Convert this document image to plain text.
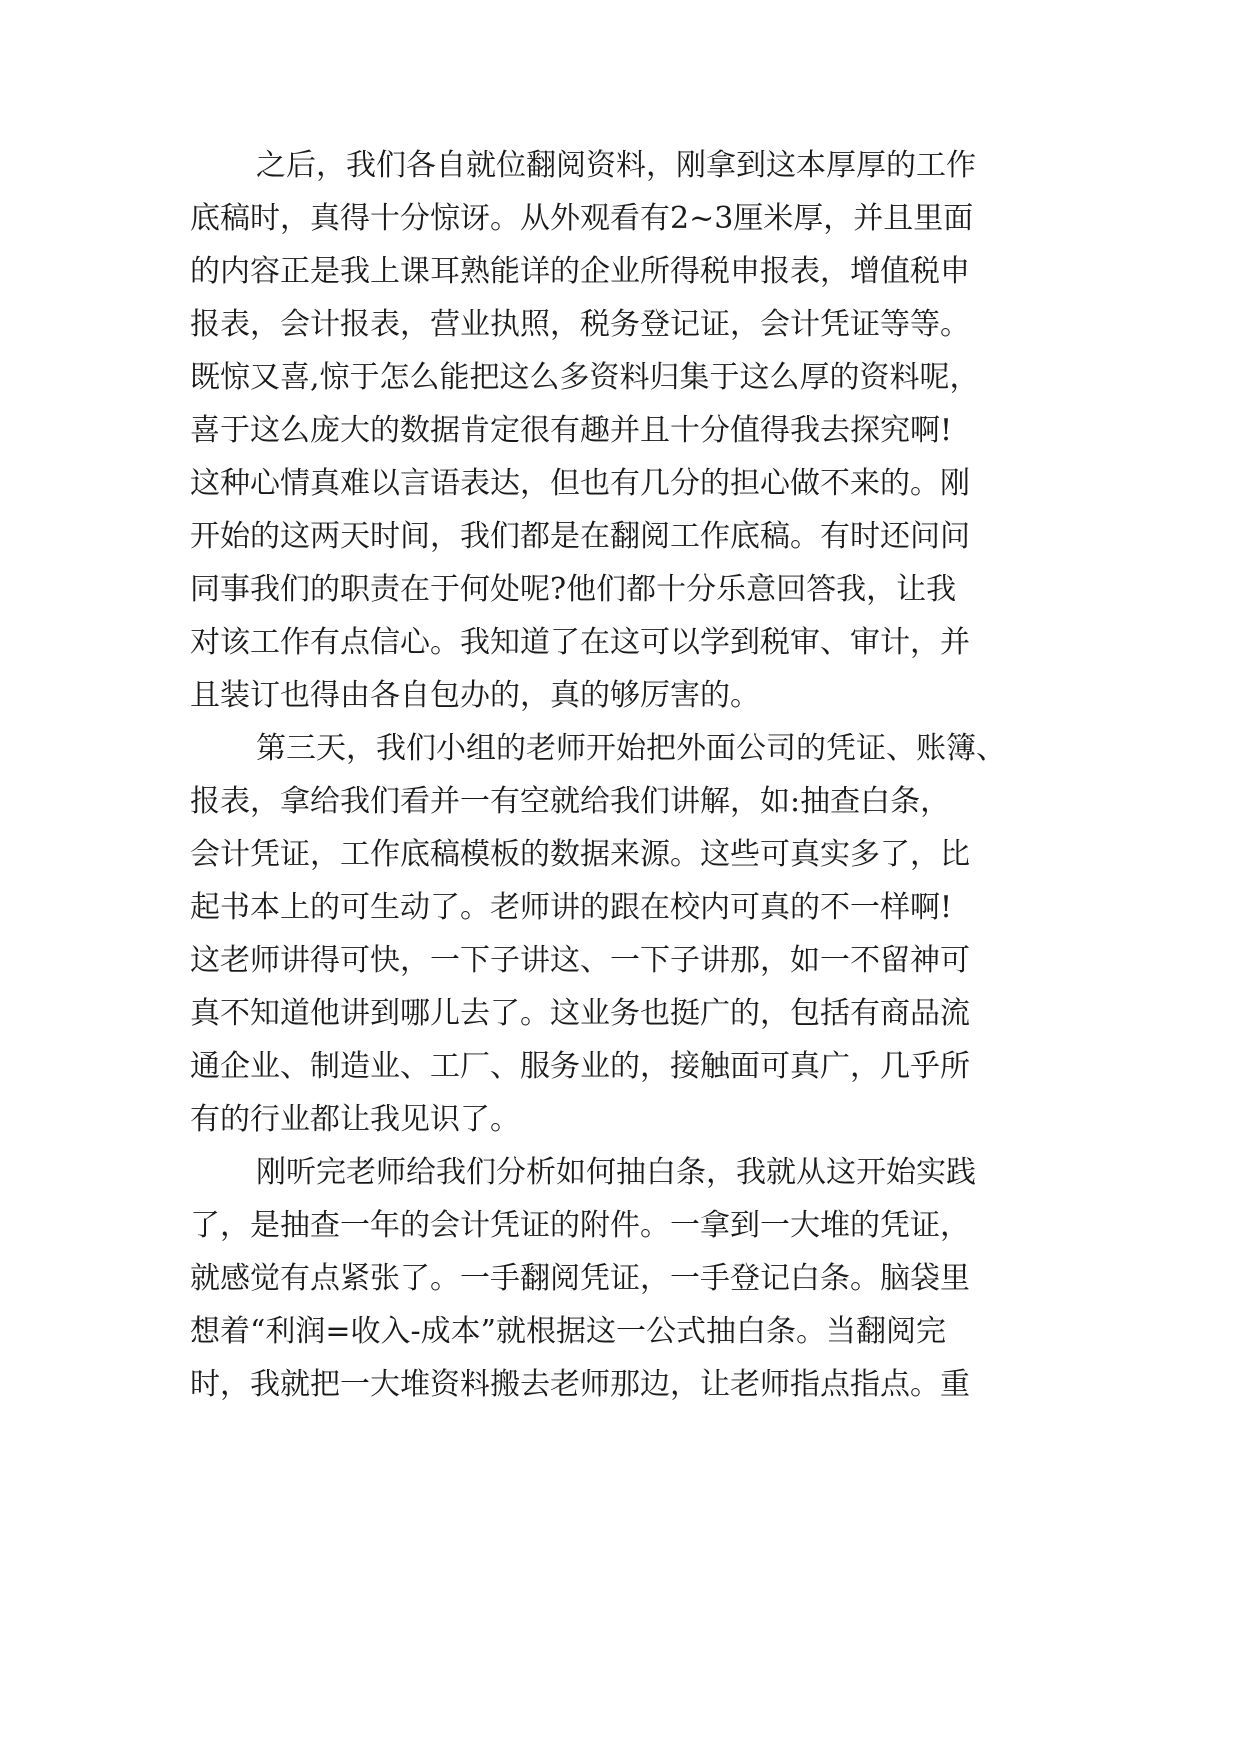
之后，我们各自就位翻阅资料，刚拿到这本厚厚的工作
底稿时，真得十分惊讶。从外观看有2~3厘米厚，并且里面
的内容正是我上课耳熟能详的企业所得税申报表，增值税申
报表，会计报表，营业执照，税务登记证，会计凭证等等。
既惊又喜,惊于怎么能把这么多资料归集于这么厚的资料呢，
喜于这么庞大的数据肯定很有趣并且十分值得我去探究啊!
这种心情真难以言语表达，但也有几分的担心做不来的。刚
开始的这两天时间，我们都是在翻阅工作底稿。有时还问问
同事我们的职责在于何处呢?他们都十分乐意回答我，让我
对该工作有点信心。我知道了在这可以学到税审、审计，并
且装订也得由各自包办的，真的够厉害的。
第三天，我们小组的老师开始把外面公司的凭证、账簿、
报表，拿给我们看并一有空就给我们讲解，如:抽查白条，
会计凭证，工作底稿模板的数据来源。这些可真实多了，比
起书本上的可生动了。老师讲的跟在校内可真的不一样啊!
这老师讲得可快，一下子讲这、一下子讲那，如一不留神可
真不知道他讲到哪儿去了。这业务也挺广的，包括有商品流
通企业、制造业、工厂、服务业的，接触面可真广，几乎所
有的行业都让我见识了。
刚听完老师给我们分析如何抽白条，我就从这开始实践
了，是抽查一年的会计凭证的附件。一拿到一大堆的凭证，
就感觉有点紧张了。一手翻阅凭证，一手登记白条。脑袋里
想着“利润=收入-成本”就根据这一公式抽白条。当翻阅完
时，我就把一大堆资料搬去老师那边，让老师指点指点。重
